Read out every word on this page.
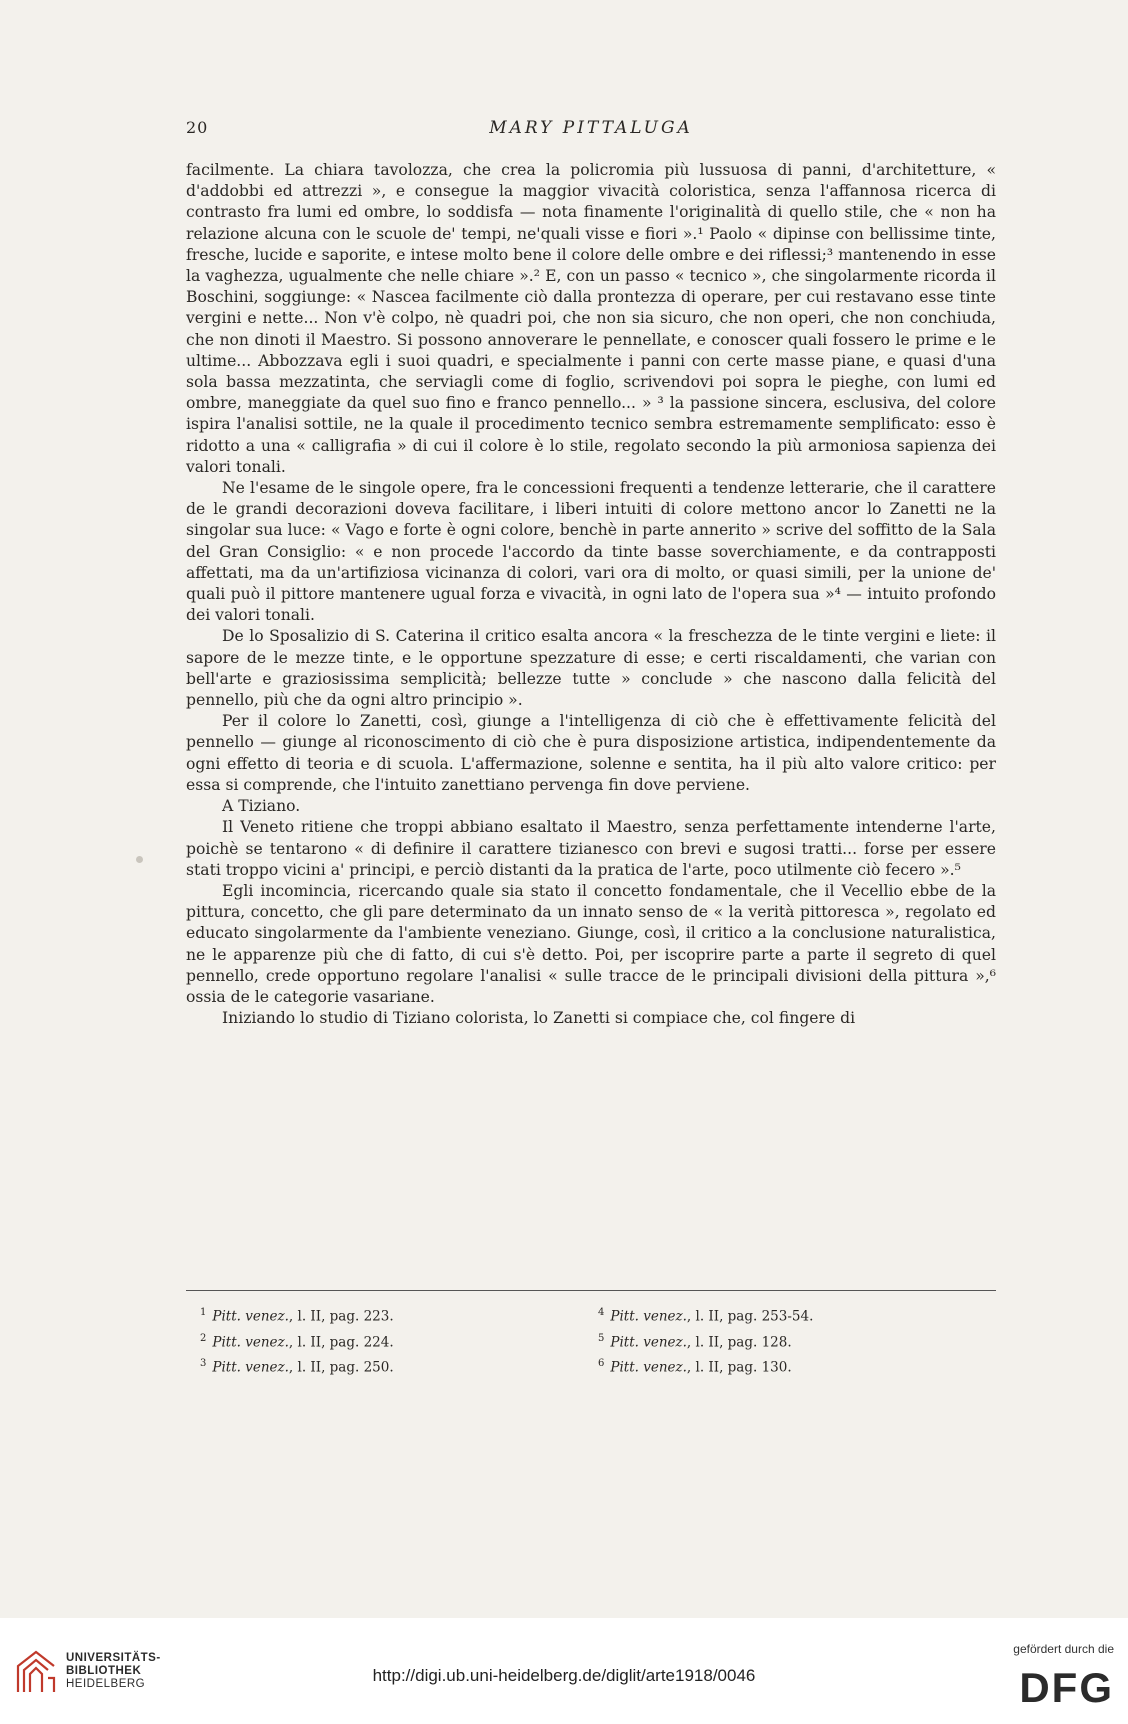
20	MARY PITTALUGA

facilmente. La chiara tavolozza, che crea la policromia più lussuosa di panni, d'architetture, « d'addobbi ed attrezzi », e consegue la maggior vivacità coloristica, senza l'affannosa ricerca di contrasto fra lumi ed ombre, lo soddisfa — nota finamente l'originalità di quello stile, che « non ha relazione alcuna con le scuole de' tempi, ne'quali visse e fiori ».¹ Paolo « dipinse con bellissime tinte, fresche, lucide e saporite, e intese molto bene il colore delle ombre e dei riflessi;³ mantenendo in esse la vaghezza, ugualmente che nelle chiare ».² E, con un passo « tecnico », che singolarmente ricorda il Boschini, soggiunge: « Nascea facilmente ciò dalla prontezza di operare, per cui restavano esse tinte vergini e nette... Non v'è colpo, nè quadri poi, che non sia sicuro, che non operi, che non conchiuda, che non dinoti il Maestro. Si possono annoverare le pennellate, e conoscer quali fossero le prime e le ultime... Abbozzava egli i suoi quadri, e specialmente i panni con certe masse piane, e quasi d'una sola bassa mezzatinta, che serviagli come di foglio, scrivendovi poi sopra le pieghe, con lumi ed ombre, maneggiate da quel suo fino e franco pennello... » ³ la passione sincera, esclusiva, del colore ispira l'analisi sottile, ne la quale il procedimento tecnico sembra estremamente semplificato: esso è ridotto a una « calligrafia » di cui il colore è lo stile, regolato secondo la più armoniosa sapienza dei valori tonali.

Ne l'esame de le singole opere, fra le concessioni frequenti a tendenze letterarie, che il carattere de le grandi decorazioni doveva facilitare, i liberi intuiti di colore mettono ancor lo Zanetti ne la singolar sua luce: « Vago e forte è ogni colore, benchè in parte annerito » scrive del soffitto de la Sala del Gran Consiglio: « e non procede l'accordo da tinte basse soverchiamente, e da contrapposti affettati, ma da un'artifiziosa vicinanza di colori, vari ora di molto, or quasi simili, per la unione de' quali può il pittore mantenere ugual forza e vivacità, in ogni lato de l'opera sua »⁴ — intuito profondo dei valori tonali.

De lo Sposalizio di S. Caterina il critico esalta ancora « la freschezza de le tinte vergini e liete: il sapore de le mezze tinte, e le opportune spezzature di esse; e certi riscaldamenti, che varian con bell'arte e graziosissima semplicità; bellezze tutte » conclude » che nascono dalla felicità del pennello, più che da ogni altro principio ».

Per il colore lo Zanetti, così, giunge a l'intelligenza di ciò che è effettivamente felicità del pennello — giunge al riconoscimento di ciò che è pura disposizione artistica, indipendentemente da ogni effetto di teoria e di scuola. L'affermazione, solenne e sentita, ha il più alto valore critico: per essa si comprende, che l'intuito zanettiano pervenga fin dove perviene.

A Tiziano.

Il Veneto ritiene che troppi abbiano esaltato il Maestro, senza perfettamente intenderne l'arte, poichè se tentarono « di definire il carattere tizianesco con brevi e sugosi tratti... forse per essere stati troppo vicini a' principi, e perciò distanti da la pratica de l'arte, poco utilmente ciò fecero ».⁵

Egli incomincia, ricercando quale sia stato il concetto fondamentale, che il Vecellio ebbe de la pittura, concetto, che gli pare determinato da un innato senso de « la verità pittoresca », regolato ed educato singolarmente da l'ambiente veneziano. Giunge, così, il critico a la conclusione naturalistica, ne le apparenze più che di fatto, di cui s'è detto. Poi, per iscoprire parte a parte il segreto di quel pennello, crede opportuno regolare l'analisi « sulle tracce de le principali divisioni della pittura »,⁶ ossia de le categorie vasariane.

Iniziando lo studio di Tiziano colorista, lo Zanetti si compiace che, col fingere di

$^1$ Pitt. venez., l. II, pag. 223.
$^2$ Pitt. venez., l. II, pag. 224.
$^3$ Pitt. venez., l. II, pag. 250.
$^4$ Pitt. venez., l. II, pag. 253-54.
$^5$ Pitt. venez., l. II, pag. 128.
$^6$ Pitt. venez., l. II, pag. 130.
UNIVERSITÄTS-
BIBLIOTHEK
HEIDELBERG	http://digi.ub.uni-heidelberg.de/diglit/arte1918/0046
gefördert durch die
DFG
